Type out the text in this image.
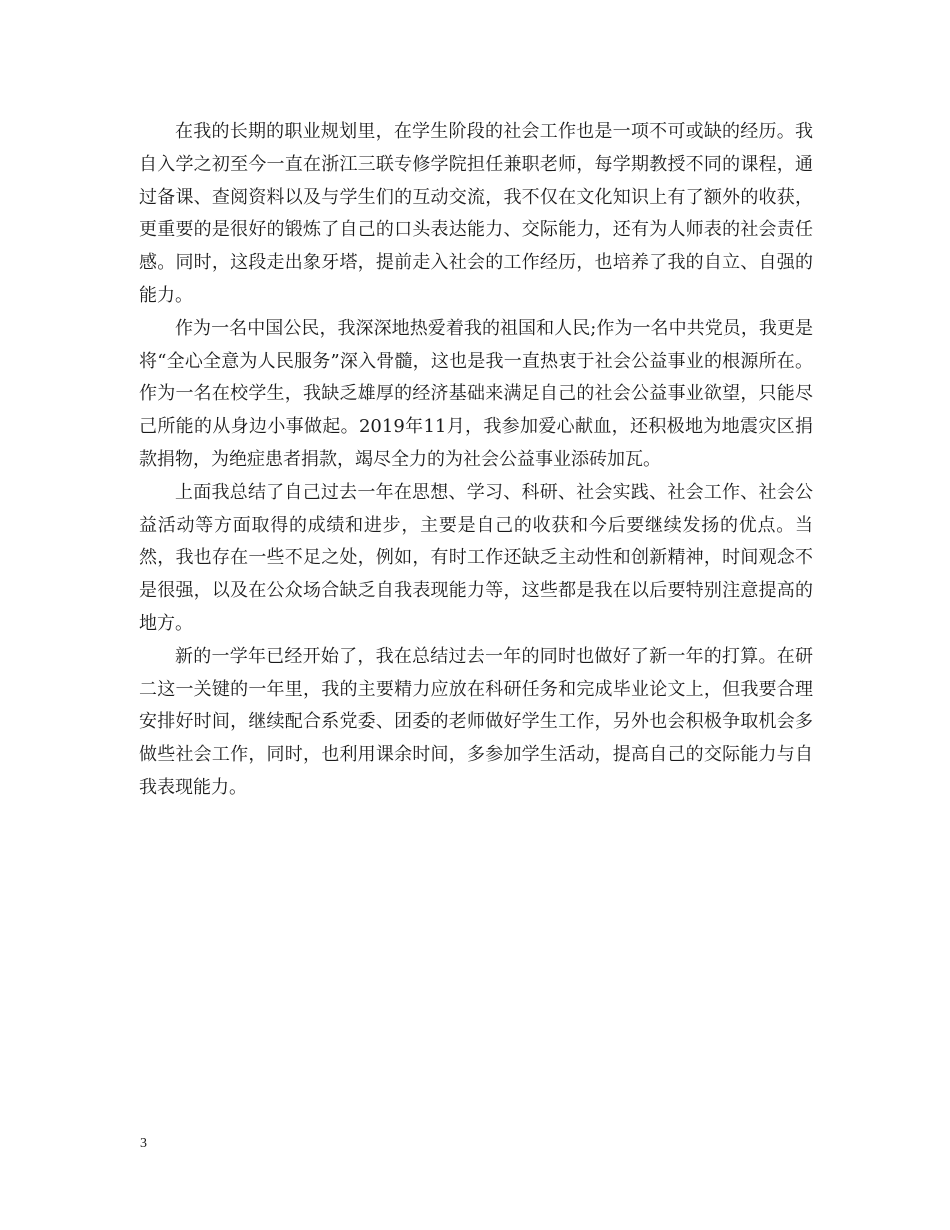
在我的长期的职业规划里，在学生阶段的社会工作也是一项不可或缺的经历。我自入学之初至今一直在浙江三联专修学院担任兼职老师，每学期教授不同的课程，通过备课、查阅资料以及与学生们的互动交流，我不仅在文化知识上有了额外的收获，更重要的是很好的锻炼了自己的口头表达能力、交际能力，还有为人师表的社会责任感。同时，这段走出象牙塔，提前走入社会的工作经历，也培养了我的自立、自强的能力。

作为一名中国公民，我深深地热爱着我的祖国和人民;作为一名中共党员，我更是将“全心全意为人民服务”深入骨髓，这也是我一直热衷于社会公益事业的根源所在。作为一名在校学生，我缺乏雄厚的经济基础来满足自己的社会公益事业欲望，只能尽己所能的从身边小事做起。2019年11月，我参加爱心献血，还积极地为地震灾区捐款捐物，为绝症患者捐款，竭尽全力的为社会公益事业添砖加瓦。

上面我总结了自己过去一年在思想、学习、科研、社会实践、社会工作、社会公益活动等方面取得的成绩和进步，主要是自己的收获和今后要继续发扬的优点。当然，我也存在一些不足之处，例如，有时工作还缺乏主动性和创新精神，时间观念不是很强，以及在公众场合缺乏自我表现能力等，这些都是我在以后要特别注意提高的地方。

新的一学年已经开始了，我在总结过去一年的同时也做好了新一年的打算。在研二这一关键的一年里，我的主要精力应放在科研任务和完成毕业论文上，但我要合理安排好时间，继续配合系党委、团委的老师做好学生工作，另外也会积极争取机会多做些社会工作，同时，也利用课余时间，多参加学生活动，提高自己的交际能力与自我表现能力。

3
